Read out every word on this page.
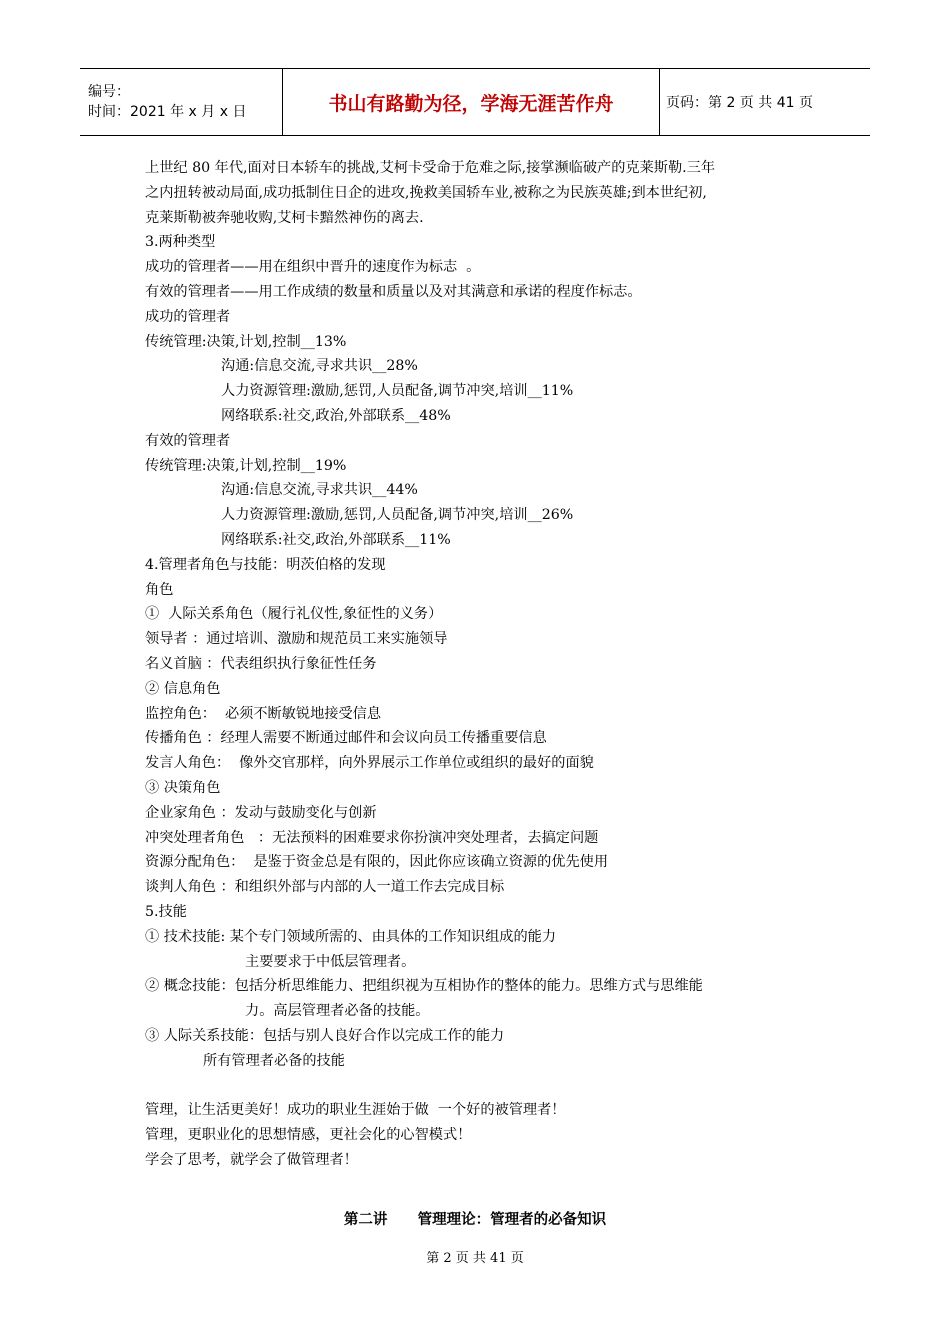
编号：
时间：2021 年 x 月 x 日	书山有路勤为径，学海无涯苦作舟	页码：第 2 页 共 41 页
上世纪 80 年代,面对日本轿车的挑战,艾柯卡受命于危难之际,接掌濒临破产的克莱斯勒.三年
之内扭转被动局面,成功抵制住日企的进攻,挽救美国轿车业,被称之为民族英雄;到本世纪初,
克莱斯勒被奔驰收购,艾柯卡黯然神伤的离去.
3.两种类型
成功的管理者——用在组织中晋升的速度作为标志  。
有效的管理者——用工作成绩的数量和质量以及对其满意和承诺的程度作标志。
成功的管理者
传统管理:决策,计划,控制__13%
沟通:信息交流,寻求共识__28%
人力资源管理:激励,惩罚,人员配备,调节冲突,培训__11%
网络联系:社交,政治,外部联系__48%
有效的管理者
传统管理:决策,计划,控制__19%
沟通:信息交流,寻求共识__44%
人力资源管理:激励,惩罚,人员配备,调节冲突,培训__26%
网络联系:社交,政治,外部联系__11%
4.管理者角色与技能：明茨伯格的发现
角色
①  人际关系角色（履行礼仪性,象征性的义务）
领导者 ：通过培训、激励和规范员工来实施领导
名义首脑 ：代表组织执行象征性任务
② 信息角色
监控角色：  必须不断敏锐地接受信息
传播角色 ：经理人需要不断通过邮件和会议向员工传播重要信息
发言人角色：  像外交官那样，向外界展示工作单位或组织的最好的面貌
③ 决策角色
企业家角色 ：发动与鼓励变化与创新
冲突处理者角色   ：无法预料的困难要求你扮演冲突处理者，去搞定问题
资源分配角色：  是鉴于资金总是有限的，因此你应该确立资源的优先使用
谈判人角色 ：和组织外部与内部的人一道工作去完成目标
5.技能
① 技术技能: 某个专门领域所需的、由具体的工作知识组成的能力
主要要求于中低层管理者。
② 概念技能：包括分析思维能力、把组织视为互相协作的整体的能力。思维方式与思维能
力。高层管理者必备的技能。
③ 人际关系技能：包括与别人良好合作以完成工作的能力
所有管理者必备的技能
管理，让生活更美好！成功的职业生涯始于做  一个好的被管理者！
管理，更职业化的思想情感，更社会化的心智模式！
学会了思考，就学会了做管理者！
第二讲      管理理论：管理者的必备知识
第 2 页 共 41 页
